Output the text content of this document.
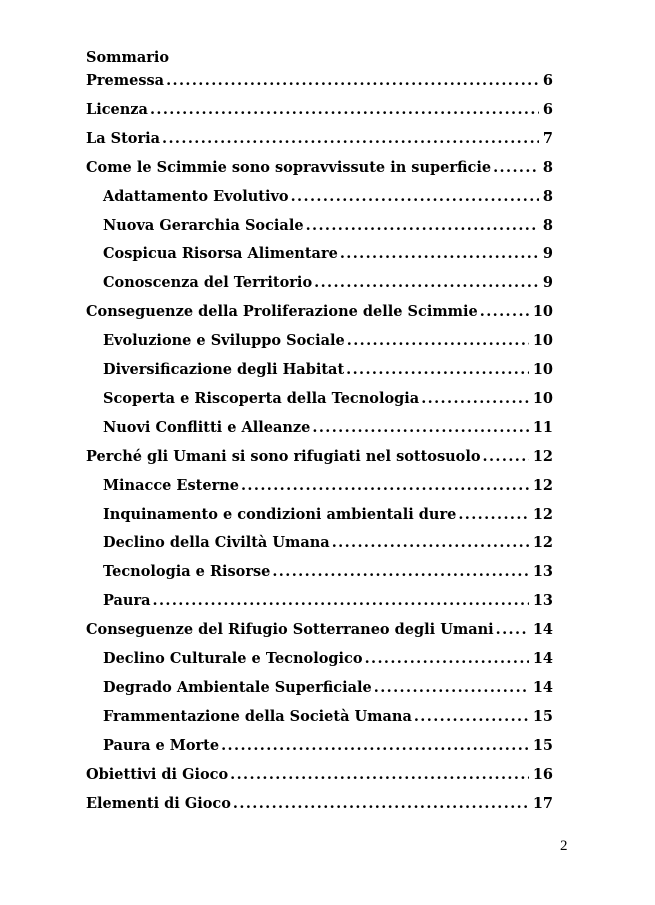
Sommario
Premessa .....	6
Licenza .....	6
La Storia .....	7
Come le Scimmie sono sopravvissute in superficie .....	8
Adattamento Evolutivo .....	8
Nuova Gerarchia Sociale .....	8
Cospicua Risorsa Alimentare .....	9
Conoscenza del Territorio .....	9
Conseguenze della Proliferazione delle Scimmie .....	10
Evoluzione e Sviluppo Sociale .....	10
Diversificazione degli Habitat .....	10
Scoperta e Riscoperta della Tecnologia .....	10
Nuovi Conflitti e Alleanze .....	11
Perché gli Umani si sono rifugiati nel sottosuolo .....	12
Minacce Esterne .....	12
Inquinamento e condizioni ambientali dure .....	12
Declino della Civiltà Umana .....	12
Tecnologia e Risorse .....	13
Paura .....	13
Conseguenze del Rifugio Sotterraneo degli Umani .....	14
Declino Culturale e Tecnologico .....	14
Degrado Ambientale Superficiale .....	14
Frammentazione della Società Umana .....	15
Paura e Morte .....	15
Obiettivi di Gioco .....	16
Elementi di Gioco .....	17
2
